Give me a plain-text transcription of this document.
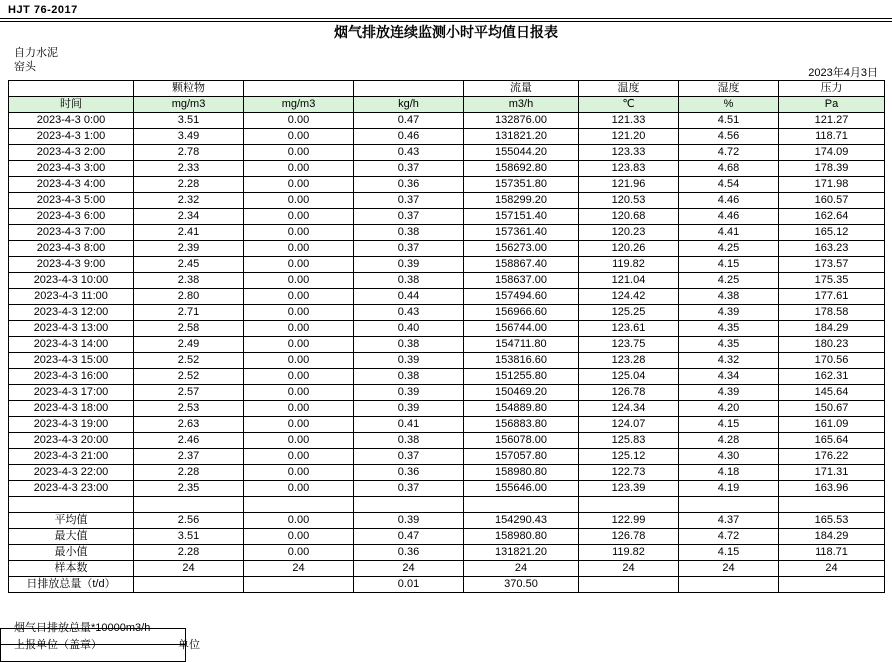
HJT 76-2017
烟气排放连续监测小时平均值日报表
自力水泥
窑头	2023年4月3日
	颗粒物			流量	温度	湿度	压力
时间	mg/m3	mg/m3	kg/h	m3/h	℃	%	Pa
2023-4-3 0:00	3.51	0.00	0.47	132876.00	121.33	4.51	121.27
2023-4-3 1:00	3.49	0.00	0.46	131821.20	121.20	4.56	118.71
2023-4-3 2:00	2.78	0.00	0.43	155044.20	123.33	4.72	174.09
2023-4-3 3:00	2.33	0.00	0.37	158692.80	123.83	4.68	178.39
2023-4-3 4:00	2.28	0.00	0.36	157351.80	121.96	4.54	171.98
2023-4-3 5:00	2.32	0.00	0.37	158299.20	120.53	4.46	160.57
2023-4-3 6:00	2.34	0.00	0.37	157151.40	120.68	4.46	162.64
2023-4-3 7:00	2.41	0.00	0.38	157361.40	120.23	4.41	165.12
2023-4-3 8:00	2.39	0.00	0.37	156273.00	120.26	4.25	163.23
2023-4-3 9:00	2.45	0.00	0.39	158867.40	119.82	4.15	173.57
2023-4-3 10:00	2.38	0.00	0.38	158637.00	121.04	4.25	175.35
2023-4-3 11:00	2.80	0.00	0.44	157494.60	124.42	4.38	177.61
2023-4-3 12:00	2.71	0.00	0.43	156966.60	125.25	4.39	178.58
2023-4-3 13:00	2.58	0.00	0.40	156744.00	123.61	4.35	184.29
2023-4-3 14:00	2.49	0.00	0.38	154711.80	123.75	4.35	180.23
2023-4-3 15:00	2.52	0.00	0.39	153816.60	123.28	4.32	170.56
2023-4-3 16:00	2.52	0.00	0.38	151255.80	125.04	4.34	162.31
2023-4-3 17:00	2.57	0.00	0.39	150469.20	126.78	4.39	145.64
2023-4-3 18:00	2.53	0.00	0.39	154889.80	124.34	4.20	150.67
2023-4-3 19:00	2.63	0.00	0.41	156883.80	124.07	4.15	161.09
2023-4-3 20:00	2.46	0.00	0.38	156078.00	125.83	4.28	165.64
2023-4-3 21:00	2.37	0.00	0.37	157057.80	125.12	4.30	176.22
2023-4-3 22:00	2.28	0.00	0.36	158980.80	122.73	4.18	171.31
2023-4-3 23:00	2.35	0.00	0.37	155646.00	123.39	4.19	163.96

平均值	2.56	0.00	0.39	154290.43	122.99	4.37	165.53
最大值	3.51	0.00	0.47	158980.80	126.78	4.72	184.29
最小值	2.28	0.00	0.36	131821.20	119.82	4.15	118.71
样本数	24	24	24	24	24	24	24
日排放总量（t/d）			0.01	370.50			
烟气日排放总量*10000m3/h
上报单位（盖章）	单位
